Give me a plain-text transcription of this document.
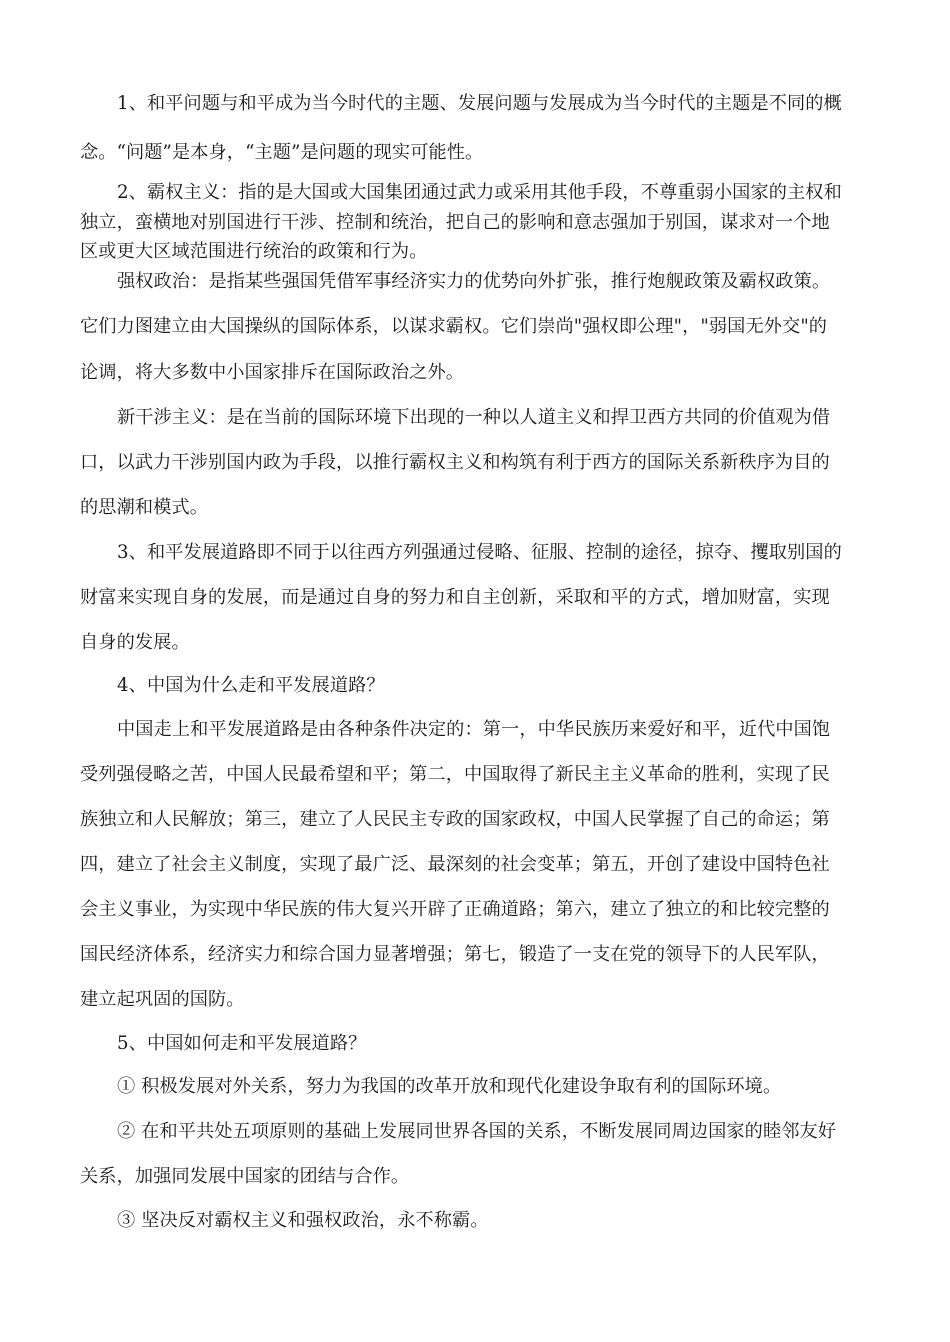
1、和平问题与和平成为当今时代的主题、发展问题与发展成为当今时代的主题是不同的概
念。“问题”是本身，“主题”是问题的现实可能性。
2、霸权主义：指的是大国或大国集团通过武力或采用其他手段，不尊重弱小国家的主权和
独立，蛮横地对别国进行干涉、控制和统治，把自己的影响和意志强加于别国，谋求对一个地
区或更大区域范围进行统治的政策和行为。
强权政治：是指某些强国凭借军事经济实力的优势向外扩张，推行炮舰政策及霸权政策。
它们力图建立由大国操纵的国际体系，以谋求霸权。它们崇尚"强权即公理"，"弱国无外交"的
论调，将大多数中小国家排斥在国际政治之外。
新干涉主义：是在当前的国际环境下出现的一种以人道主义和捍卫西方共同的价值观为借
口，以武力干涉别国内政为手段，以推行霸权主义和构筑有利于西方的国际关系新秩序为目的
的思潮和模式。
3、和平发展道路即不同于以往西方列强通过侵略、征服、控制的途径，掠夺、攫取别国的
财富来实现自身的发展，而是通过自身的努力和自主创新，采取和平的方式，增加财富，实现
自身的发展。
4、中国为什么走和平发展道路？
中国走上和平发展道路是由各种条件决定的：第一，中华民族历来爱好和平，近代中国饱
受列强侵略之苦，中国人民最希望和平；第二，中国取得了新民主主义革命的胜利，实现了民
族独立和人民解放；第三，建立了人民民主专政的国家政权，中国人民掌握了自己的命运；第
四，建立了社会主义制度，实现了最广泛、最深刻的社会变革；第五，开创了建设中国特色社
会主义事业，为实现中华民族的伟大复兴开辟了正确道路；第六，建立了独立的和比较完整的
国民经济体系，经济实力和综合国力显著增强；第七，锻造了一支在党的领导下的人民军队，
建立起巩固的国防。
5、中国如何走和平发展道路？
① 积极发展对外关系，努力为我国的改革开放和现代化建设争取有利的国际环境。
② 在和平共处五项原则的基础上发展同世界各国的关系，不断发展同周边国家的睦邻友好
关系，加强同发展中国家的团结与合作。
③ 坚决反对霸权主义和强权政治，永不称霸。
